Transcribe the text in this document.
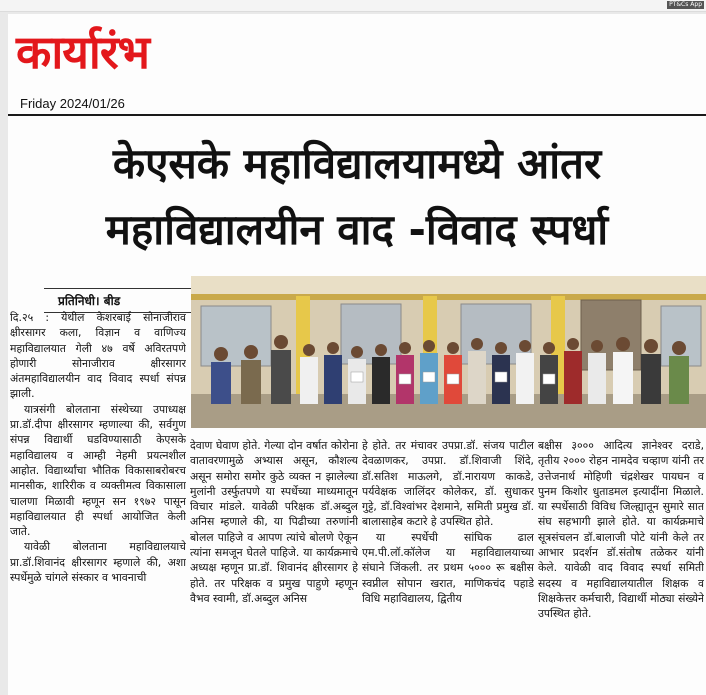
PT&Cs App
कार्यारंभ
Friday 2024/01/26
केएसके महाविद्यालयामध्ये आंतर
महाविद्यालयीन वाद -विवाद स्पर्धा
प्रतिनिधी। बीड

दि.२५ : येथील केशरबाई सोनाजीराव क्षीरसागर कला, विज्ञान व वाणिज्य महाविद्यालयात गेली ४७ वर्षे अविरतपणे होणारी सोनाजीराव क्षीरसागर अंतमहाविद्यालयीन वाद विवाद स्पर्धा संपन्न झाली.

यात्रसंगी बोलताना संस्थेच्या उपाध्यक्ष प्रा.डॉ.दीपा क्षीरसागर म्हणाल्या की, सर्वगुण संपन्न विद्यार्थी घडविण्यासाठी केएसके महाविद्यालय व आम्ही नेहमी प्रयत्नशील आहोत. विद्यार्थ्यांचा भौतिक विकासाबरोबरच मानसीक, शारिरीक व व्यक्तीमत्व विकासाला चालणा मिळावी म्हणून सन १९७२ पासून महाविद्यालयात ही स्पर्धा आयोजित केली जाते.

यावेळी बोलताना महाविद्यालयाचे प्रा.डॉ.शिवानंद क्षीरसागर म्हणाले की, अशा स्पर्धेमुळे चांगले संस्कार व भावनाची

देवाण घेवाण होते. गेल्या दोन वर्षात कोरोना वातावरणामुळे अभ्यास असून, कौशल्य असून समोरा समोर कुठे व्यक्त न झालेल्या मुलांनी उर्स्फुतपणे या स्पर्धेच्या माध्यमातून विचार मांडले. यावेळी परिक्षक डॉ.अब्दुल अनिस म्हणाले की, या पिढीच्या तरुणांनी बोलल पाहिजे व आपण त्यांचे बोलणे ऐकून त्यांना समजून घेतले पाहिजे. या कार्यक्रमाचे अध्यक्ष म्हणून प्रा.डॉ. शिवानंद क्षीरसागर हे होते. तर परिक्षक व प्रमुख पाहुणे म्हणून वैभव स्वामी, डॉ.अब्दुल अनिस

हे होते. तर मंचावर उपप्रा.डॉ. संजय पाटील देवळाणकर, उपप्रा. डॉ.शिवाजी शिंदे, डॉ.सतिश माऊलगे, डॉ.नारायण काकडे, पर्यवेक्षक जालिंदर कोलेकर, डॉ. सुधाकर गुट्टे, डॉ.विश्वांभर देशमाने, समिती प्रमुख डॉ. बालासाहेब कटारे हे उपस्थित होते.

या स्पर्धेची सांघिक ढाल एम.पी.लॉ.कॉलेज या महाविद्यालयाच्या संघाने जिंकली. तर प्रथम ५००० रू बक्षीस स्वप्नील सोपान खरात, माणिकचंद पहाडे विधि महाविद्यालय, द्वितीय

बक्षीस ३००० आदित्य ज्ञानेश्वर दराडे, तृतीय २००० रोहन नामदेव चव्हाण यांनी तर उत्तेजनार्थ मोहिणी चंद्रशेखर पायघन व पुनम किशोर धुताडमल इत्यादींना मिळाले. या स्पर्धेसाठी विविध जिल्ह्यातून सुमारे सात संघ सहभागी झाले होते. या कार्यक्रमाचे सूत्रसंचलन डॉ.बालाजी पोटे यांनी केले तर आभार प्रदर्शन डॉ.संतोष तळेकर यांनी केले. यावेळी वाद विवाद स्पर्धा समिती सदस्य व महाविद्यालयातील शिक्षक व शिक्षकेत्तर कर्मचारी, विद्यार्थी मोठ्या संख्येने उपस्थित होते.
